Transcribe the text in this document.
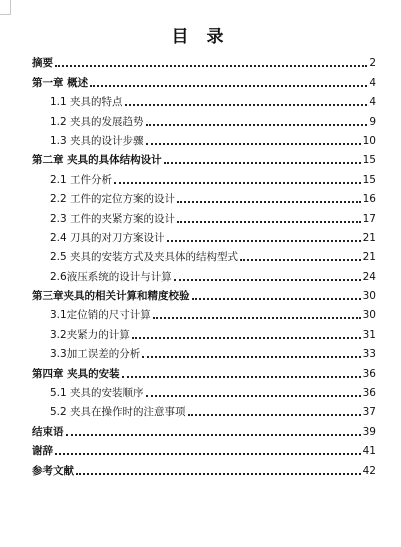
目 录
摘要	2
第一章 概述	4
1.1 夹具的特点	4
1.2 夹具的发展趋势	9
1.3 夹具的设计步骤	10
第二章 夹具的具体结构设计	15
2.1 工件分析	15
2.2 工件的定位方案的设计	16
2.3 工件的夹紧方案的设计	17
2.4 刀具的对刀方案设计	21
2.5 夹具的安装方式及夹具体的结构型式	21
2.6液压系统的设计与计算	24
第三章夹具的相关计算和精度校验	30
3.1定位销的尺寸计算	30
3.2夹紧力的计算	31
3.3加工误差的分析	33
第四章 夹具的安装	36
5.1 夹具的安装顺序	36
5.2 夹具在操作时的注意事项	37
结束语	39
谢辞	41
参考文献	42
